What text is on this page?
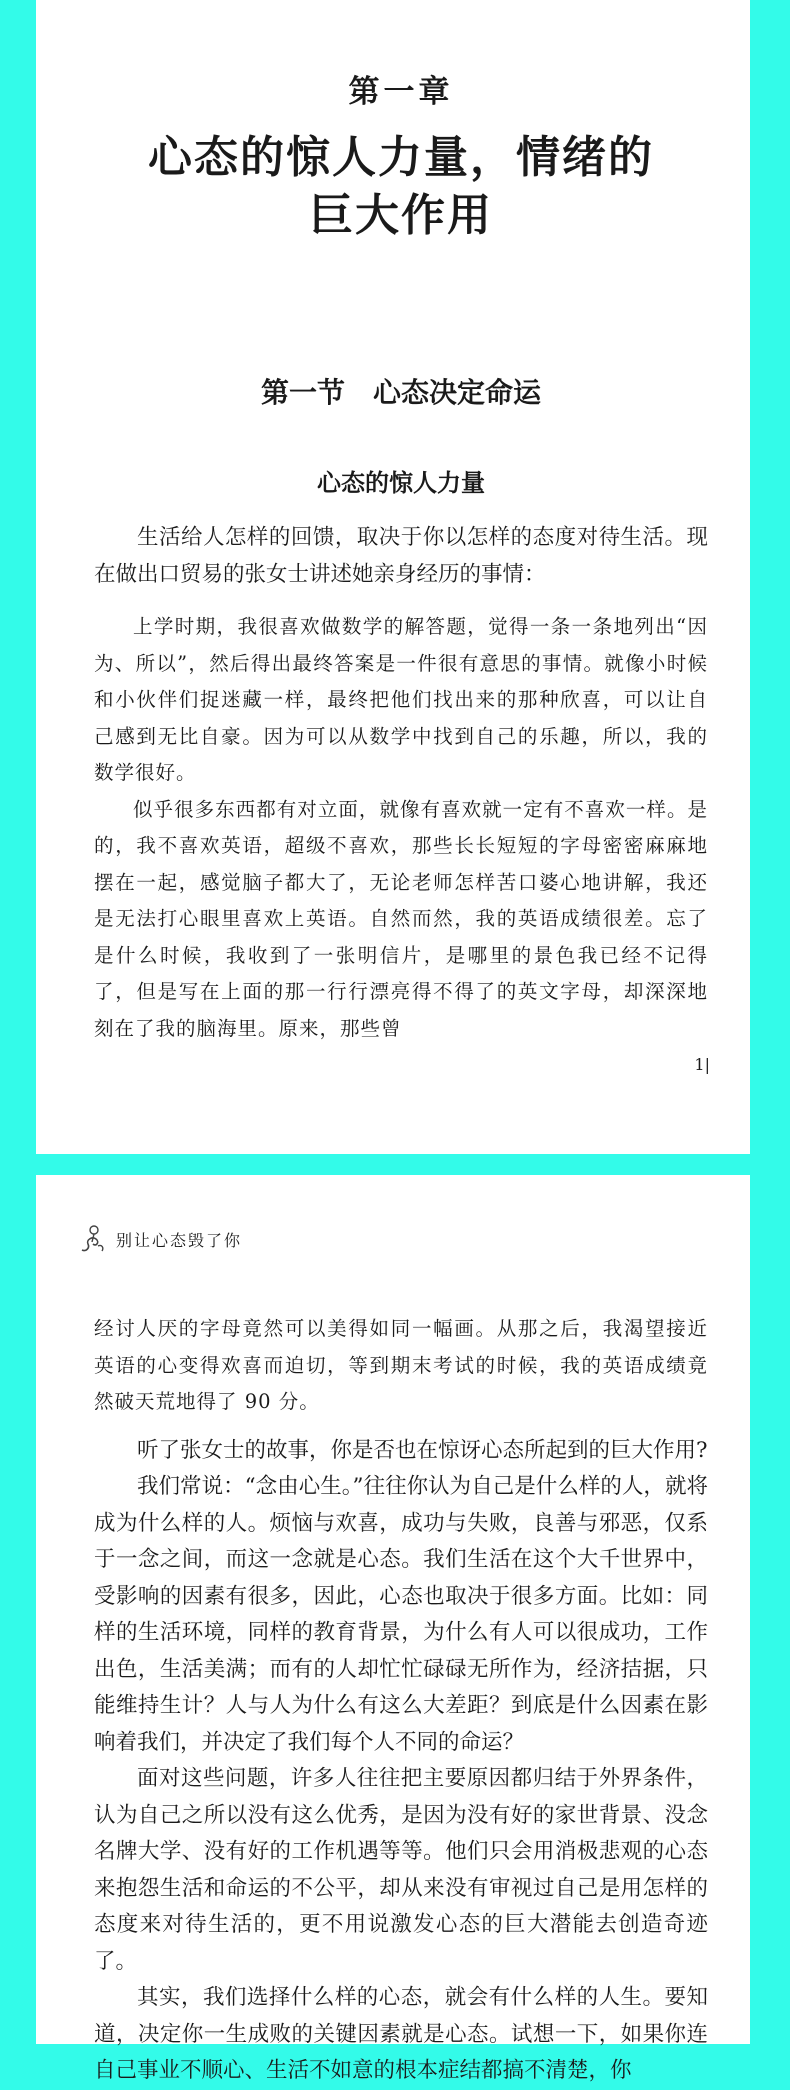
第一章
心态的惊人力量，情绪的
巨大作用
第一节　心态决定命运
心态的惊人力量

生活给人怎样的回馈，取决于你以怎样的态度对待生活。现在做出口贸易的张女士讲述她亲身经历的事情：

上学时期，我很喜欢做数学的解答题，觉得一条一条地列出“因为、所以”，然后得出最终答案是一件很有意思的事情。就像小时候和小伙伴们捉迷藏一样，最终把他们找出来的那种欣喜，可以让自己感到无比自豪。因为可以从数学中找到自己的乐趣，所以，我的数学很好。

似乎很多东西都有对立面，就像有喜欢就一定有不喜欢一样。是的，我不喜欢英语，超级不喜欢，那些长长短短的字母密密麻麻地摆在一起，感觉脑子都大了，无论老师怎样苦口婆心地讲解，我还是无法打心眼里喜欢上英语。自然而然，我的英语成绩很差。忘了是什么时候，我收到了一张明信片，是哪里的景色我已经不记得了，但是写在上面的那一行行漂亮得不得了的英文字母，却深深地刻在了我的脑海里。原来，那些曾

1|
别让心态毁了你

经讨人厌的字母竟然可以美得如同一幅画。从那之后，我渴望接近英语的心变得欢喜而迫切，等到期末考试的时候，我的英语成绩竟然破天荒地得了 90 分。

听了张女士的故事，你是否也在惊讶心态所起到的巨大作用?

我们常说：“念由心生。”往往你认为自己是什么样的人，就将成为什么样的人。烦恼与欢喜，成功与失败，良善与邪恶，仅系于一念之间，而这一念就是心态。我们生活在这个大千世界中，受影响的因素有很多，因此，心态也取决于很多方面。比如：同样的生活环境，同样的教育背景，为什么有人可以很成功，工作出色，生活美满；而有的人却忙忙碌碌无所作为，经济拮据，只能维持生计？人与人为什么有这么大差距？到底是什么因素在影响着我们，并决定了我们每个人不同的命运？

面对这些问题，许多人往往把主要原因都归结于外界条件，认为自己之所以没有这么优秀，是因为没有好的家世背景、没念名牌大学、没有好的工作机遇等等。他们只会用消极悲观的心态来抱怨生活和命运的不公平，却从来没有审视过自己是用怎样的态度来对待生活的，更不用说激发心态的巨大潜能去创造奇迹了。

其实，我们选择什么样的心态，就会有什么样的人生。要知道，决定你一生成败的关键因素就是心态。试想一下，如果你连自己事业不顺心、生活不如意的根本症结都搞不清楚，你
